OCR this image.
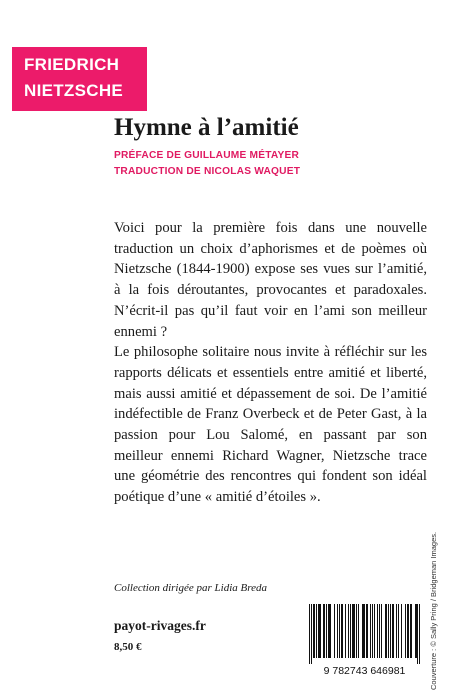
FRIEDRICH
NIETZSCHE
Hymne à l’amitié
PRÉFACE DE GUILLAUME MÉTAYER
TRADUCTION DE NICOLAS WAQUET

Voici pour la première fois dans une nouvelle traduction un choix d’aphorismes et de poèmes où Nietzsche (1844-1900) expose ses vues sur l’amitié, à la fois déroutantes, provocantes et paradoxales. N’écrit-il pas qu’il faut voir en l’ami son meilleur ennemi ?

Le philosophe solitaire nous invite à réfléchir sur les rapports délicats et essentiels entre amitié et liberté, mais aussi amitié et dépassement de soi. De l’amitié indéfectible de Franz Overbeck et de Peter Gast, à la passion pour Lou Salomé, en passant par son meilleur ennemi Richard Wagner, Nietzsche trace une géométrie des rencontres qui fondent son idéal poétique d’une « amitié d’étoiles ».

Collection dirigée par Lidia Breda
payot-rivages.fr
8,50 €
9 782743 646981	Couverture : © Sally Pring / Bridgeman Images.
